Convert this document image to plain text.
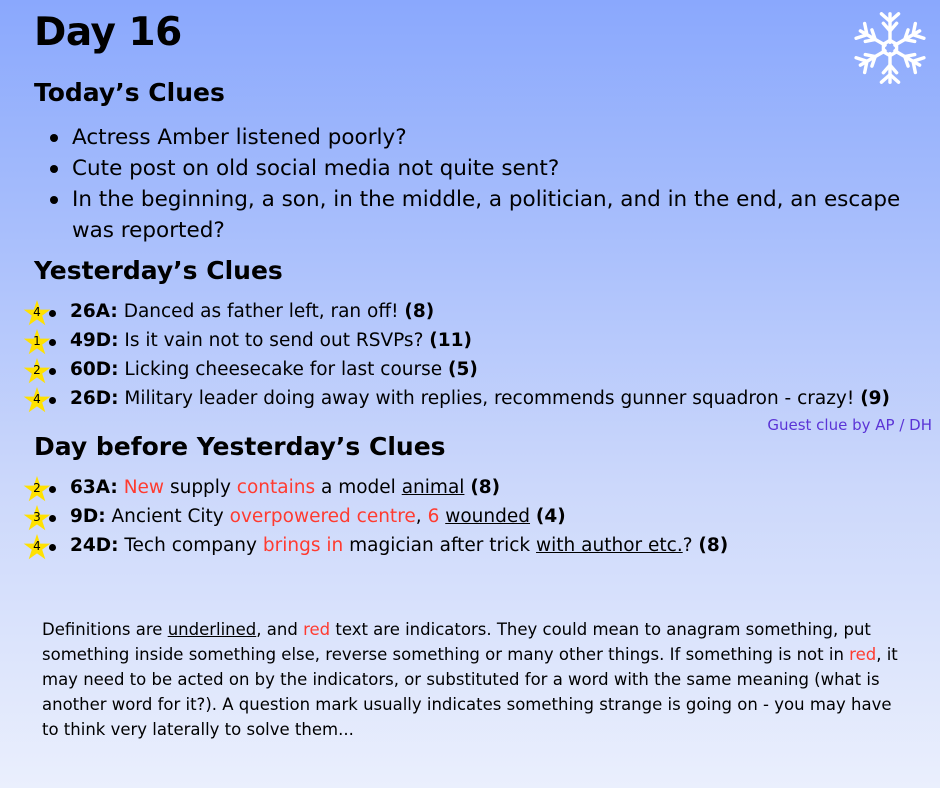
Day 16
Today’s Clues
Actress Amber listened poorly?
Cute post on old social media not quite sent?
In the beginning, a son, in the middle, a politician, and in the end, an escape was reported?
Yesterday’s Clues
4	26A: Danced as father left, ran off! (8)
1	49D: Is it vain not to send out RSVPs? (11)
2	60D: Licking cheesecake for last course (5)
4	26D: Military leader doing away with replies, recommends gunner squadron - crazy! (9)
Guest clue by AP / DH
Day before Yesterday’s Clues
2	63A: New supply contains a model animal (8)
3	9D: Ancient City overpowered centre, 6 wounded (4)
4	24D: Tech company brings in magician after trick with author etc.? (8)

Definitions are underlined, and red text are indicators. They could mean to anagram something, put something inside something else, reverse something or many other things. If something is not in red, it may need to be acted on by the indicators, or substituted for a word with the same meaning (what is another word for it?). A question mark usually indicates something strange is going on - you may have to think very laterally to solve them...
